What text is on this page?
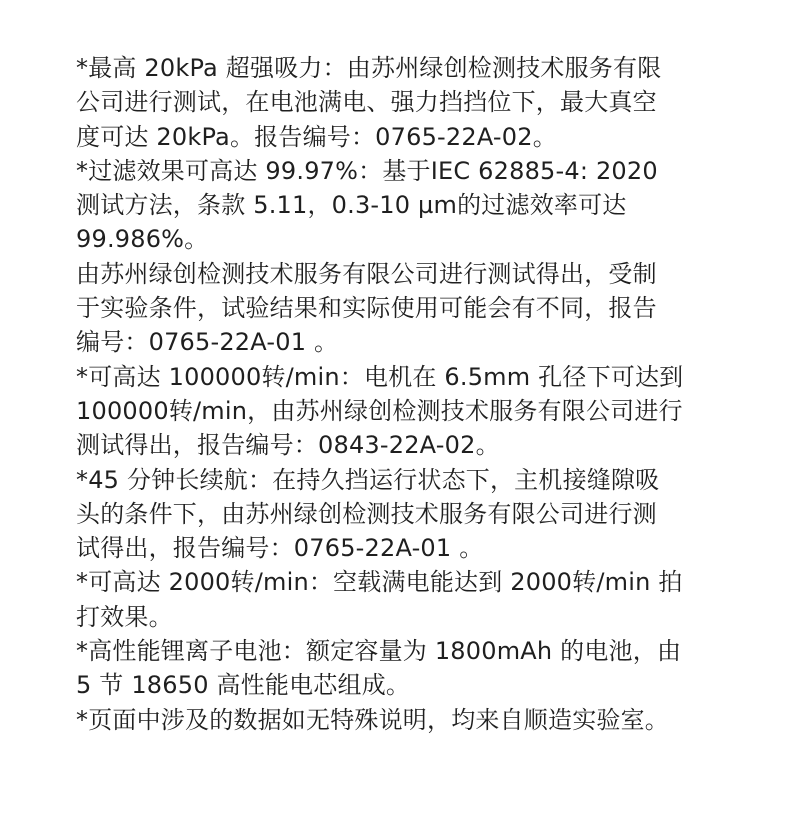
*最高 20kPa 超强吸力：由苏州绿创检测技术服务有限
公司进行测试，在电池满电、强力挡挡位下，最大真空
度可达 20kPa。报告编号：0765-22A-02。
*过滤效果可高达 99.97%：基于IEC 62885-4: 2020
测试方法，条款 5.11，0.3-10 µm的过滤效率可达
99.986%。
由苏州绿创检测技术服务有限公司进行测试得出，受制
于实验条件，试验结果和实际使用可能会有不同，报告
编号：0765-22A-01 。
*可高达 100000转/min：电机在 6.5mm 孔径下可达到
100000转/min，由苏州绿创检测技术服务有限公司进行
测试得出，报告编号：0843-22A-02。
*45 分钟长续航：在持久挡运行状态下，主机接缝隙吸
头的条件下，由苏州绿创检测技术服务有限公司进行测
试得出，报告编号：0765-22A-01 。
*可高达 2000转/min：空载满电能达到 2000转/min 拍
打效果。
*高性能锂离子电池：额定容量为 1800mAh 的电池，由
5 节 18650 高性能电芯组成。
*页面中涉及的数据如无特殊说明，均来自顺造实验室。
